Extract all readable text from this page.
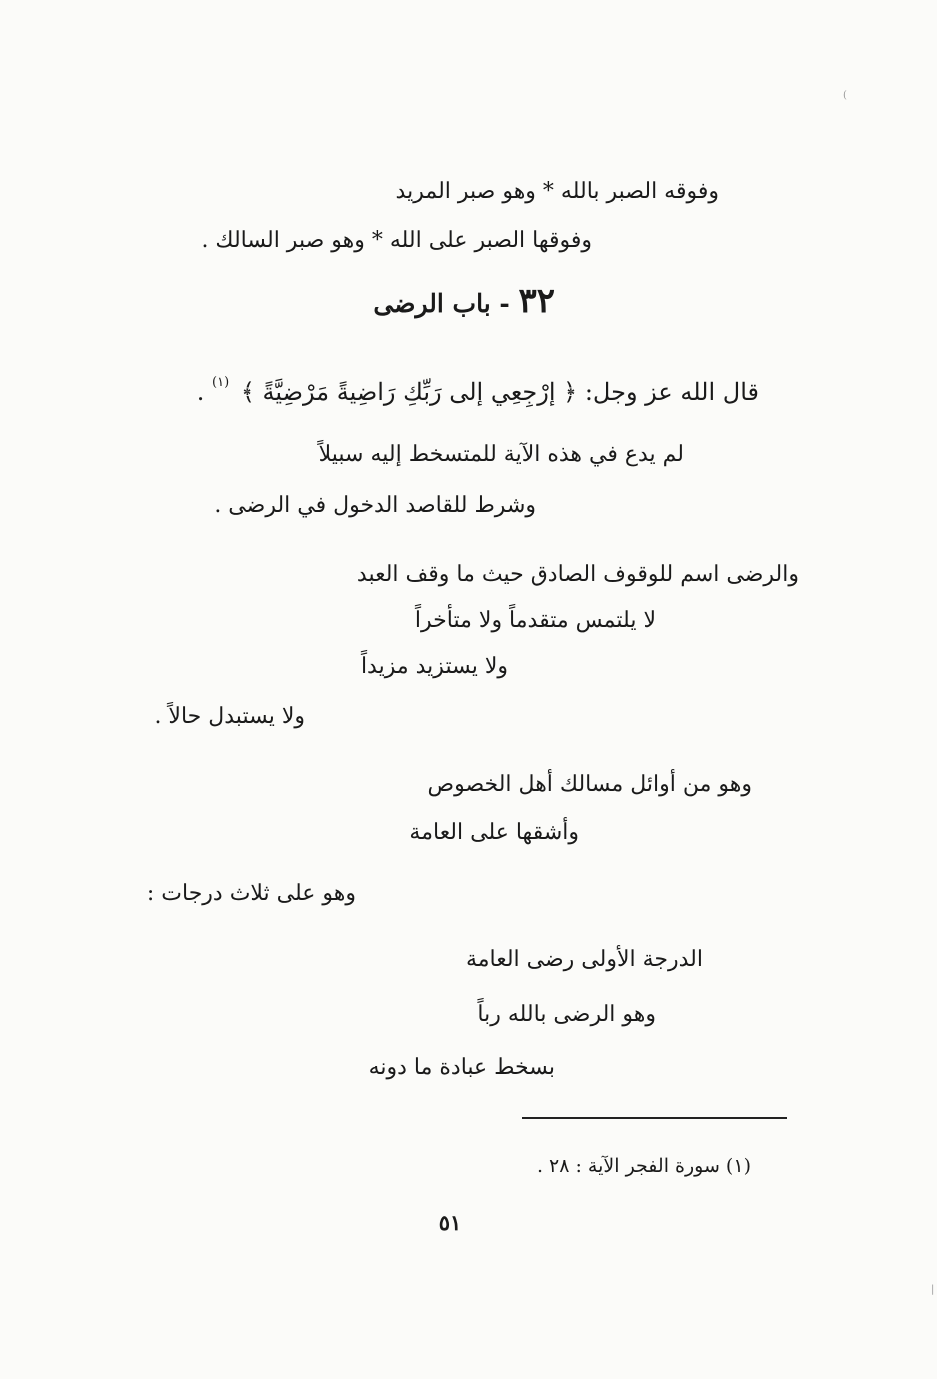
(
وفوقه الصبر بالله * وهو صبر المريد
وفوقها الصبر على الله * وهو صبر السالك .
٣٢ - باب الرضى
قال الله عز وجل: ﴿ إرْجِعِي إلى رَبِّكِ رَاضِيةً مَرْضِيَّةً ﴾ $^{(١)}$ .
لم يدع في هذه الآية للمتسخط إليه سبيلاً
وشرط للقاصد الدخول في الرضى .
والرضى اسم للوقوف الصادق حيث ما وقف العبد
لا يلتمس متقدماً ولا متأخراً
ولا يستزيد مزيداً
ولا يستبدل حالاً .
وهو من أوائل مسالك أهل الخصوص
وأشقها على العامة
وهو على ثلاث درجات :
الدرجة الأولى رضى العامة
وهو الرضى بالله رباً
بسخط عبادة ما دونه
(١) سورة الفجر الآية : ٢٨ .
٥١
|
